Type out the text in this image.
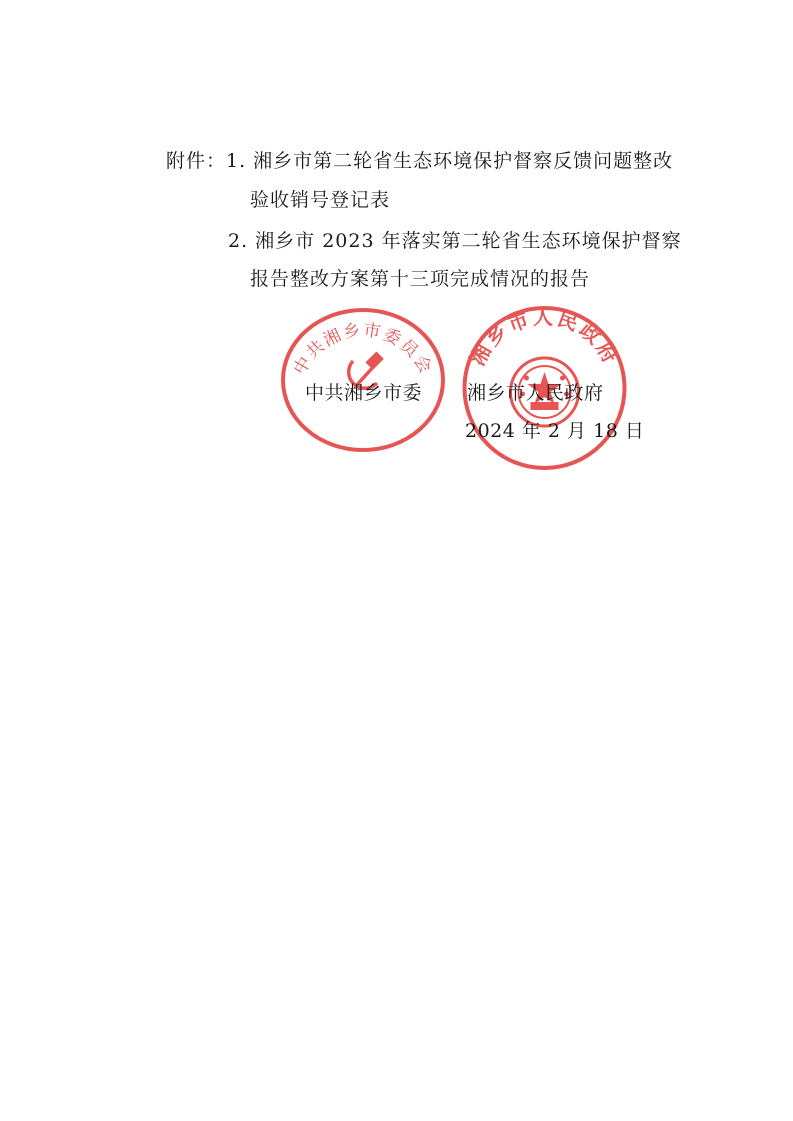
中共湘乡市委员会 湘乡市人民政府
附件：1. 湘乡市第二轮省生态环境保护督察反馈问题整改
验收销号登记表
2. 湘乡市 2023 年落实第二轮省生态环境保护督察
报告整改方案第十三项完成情况的报告
中共湘乡市委 湘乡市人民政府
2024 年 2 月 18 日
